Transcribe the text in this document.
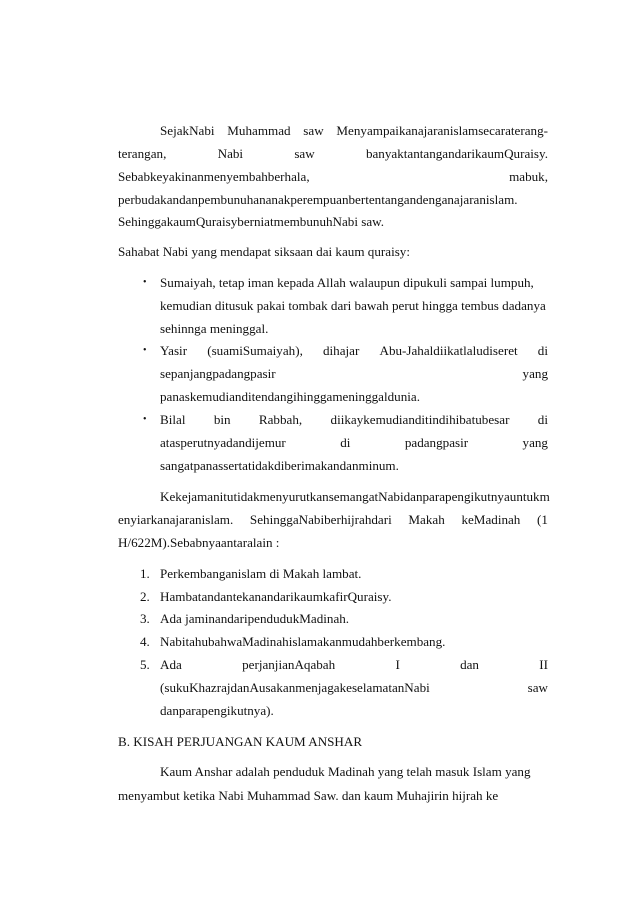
SejakNabi Muhammad saw Menyampaikanajaranislamsecaraterang-
terangan,	Nabi	saw	banyaktantangandarikaumQuraisy.
Sebabkeyakinanmenyembahberhala,	mabuk,
perbudakandanpembunuhananakperempuanbertentangandenganajaranislam.
SehinggakaumQuraisyberniatmembunuhNabi saw.
Sahabat Nabi yang mendapat siksaan dai kaum quraisy:
• Sumaiyah, tetap iman kepada Allah walaupun dipukuli sampai lumpuh,
kemudian ditusuk pakai tombak dari bawah perut hingga tembus dadanya
sehinnga meninggal.
• Yasir (suamiSumaiyah), dihajar Abu-Jahaldiikatlaludiseret di
sepanjangpadangpasir	yang
panaskemudianditendangihinggameninggaldunia.
• Bilal bin Rabbah, diikaykemudianditindihibatubesar di
atasperutnyadandijemur	di	padangpasir	yang
sangatpanassertatidakdiberimakandanminum.
Kekejamanitutidakmenyurutkansemangat​Nabidanparapengikutnyauntukm
enyiarkanajaranislam. SehinggaNabiberhijrahdari Makah keMadinah (1
H/622M).Sebabnyaantaralain :
1. Perkembanganislam di Makah lambat.
2. HambatandantekanandarikaumkafirQuraisy.
3. Ada jaminandaripendudukMadinah.
4. NabitahubahwaMadinahislamakanmudahberkembang.
5. Ada	perjanjianAqabah	I	dan	II
(sukuKhazrajdanAusakanmenjagakeselamatanNabi	saw
danparapengikutnya).
B. KISAH PERJUANGAN KAUM ANSHAR
Kaum Anshar adalah penduduk Madinah yang telah masuk Islam yang
menyambut ketika Nabi Muhammad Saw. dan kaum Muhajirin hijrah ke
